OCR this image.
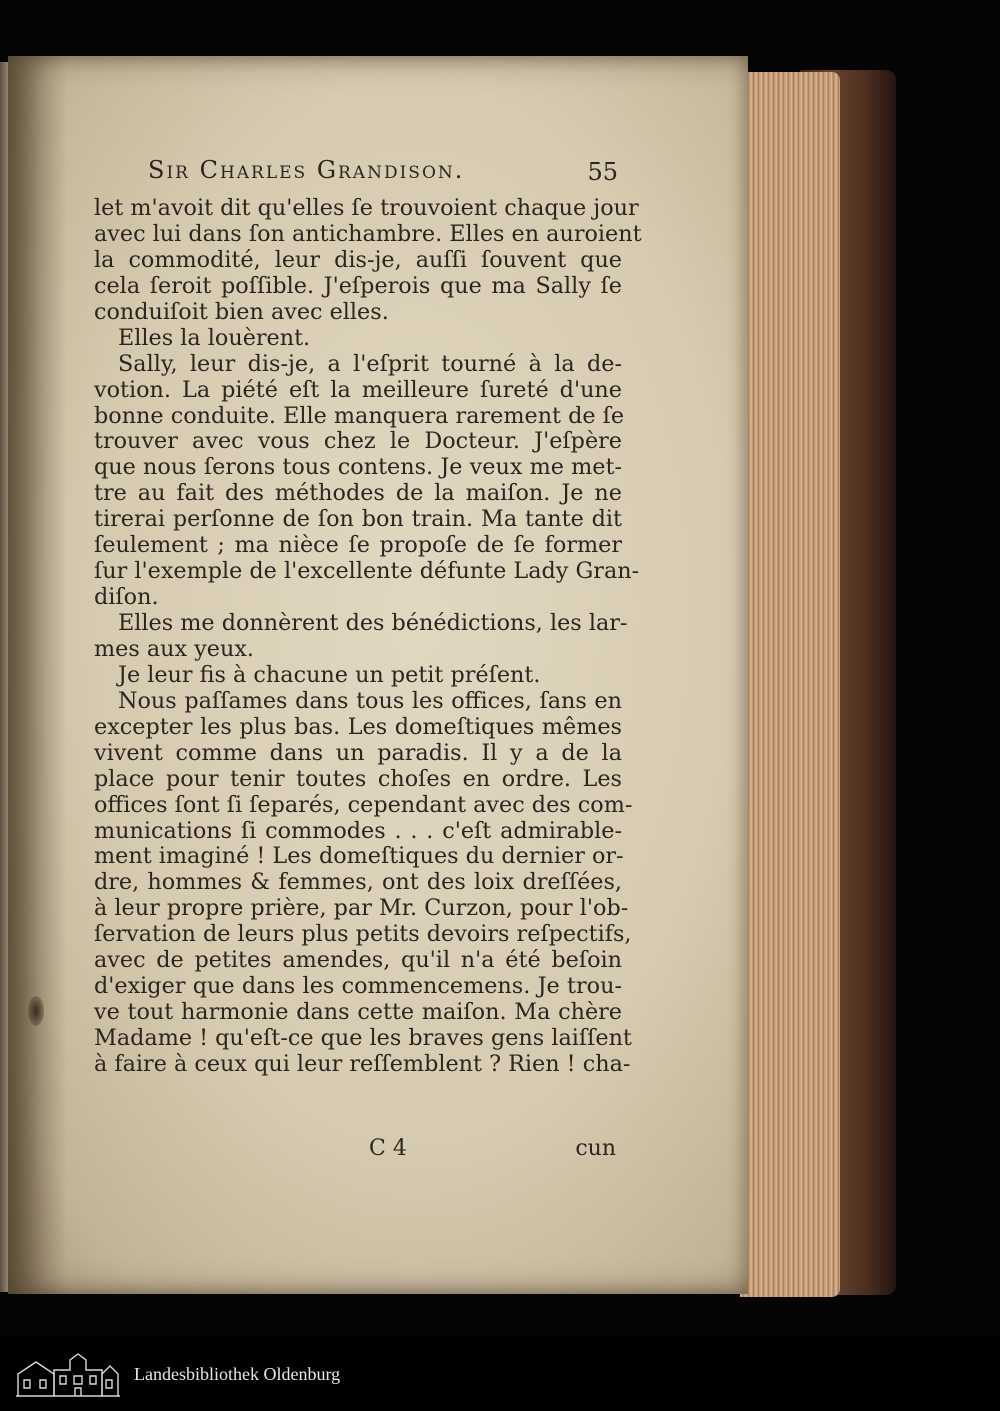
Sir Charles Grandison.	55
let m'avoit dit qu'elles ſe trouvoient chaque jour
avec lui dans ſon antichambre. Elles en auroient
la commodité, leur dis-je, auſſi ſouvent que
cela ſeroit poſſible. J'eſperois que ma Sally ſe
conduiſoit bien avec elles.
Elles la louèrent.
Sally, leur dis-je, a l'eſprit tourné à la de-
votion. La piété eſt la meilleure ſureté d'une
bonne conduite. Elle manquera rarement de ſe
trouver avec vous chez le Docteur. J'eſpère
que nous ſerons tous contens. Je veux me met-
tre au fait des méthodes de la maiſon. Je ne
tirerai perſonne de ſon bon train. Ma tante dit
ſeulement ; ma nièce ſe propoſe de ſe former
ſur l'exemple de l'excellente défunte Lady Gran-
diſon.
Elles me donnèrent des bénédictions, les lar-
mes aux yeux.
Je leur fis à chacune un petit préſent.
Nous paſſames dans tous les offices, ſans en
excepter les plus bas. Les domeſtiques mêmes
vivent comme dans un paradis. Il y a de la
place pour tenir toutes choſes en ordre. Les
offices ſont ſi ſeparés, cependant avec des com-
munications ſi commodes . . . c'eſt admirable-
ment imaginé ! Les domeſtiques du dernier or-
dre, hommes & femmes, ont des loix dreſſées,
à leur propre prière, par Mr. Curzon, pour l'ob-
ſervation de leurs plus petits devoirs reſpectifs,
avec de petites amendes, qu'il n'a été beſoin
d'exiger que dans les commencemens. Je trou-
ve tout harmonie dans cette maiſon. Ma chère
Madame ! qu'eſt-ce que les braves gens laiſſent
à faire à ceux qui leur reſſemblent ? Rien ! cha-
C 4	cun
Landesbibliothek Oldenburg
